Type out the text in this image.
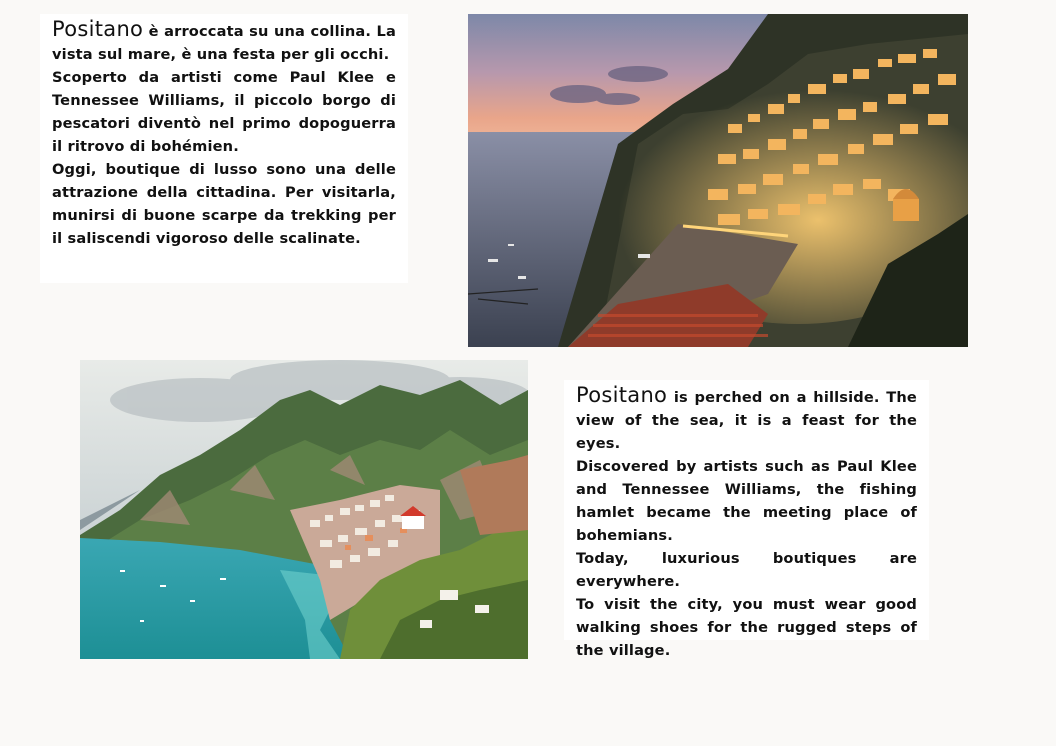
Positano è arroccata su una collina. La vista sul mare, è una festa per gli occhi.

Scoperto da artisti come Paul Klee e Tennessee Williams, il piccolo borgo di pescatori diventò nel primo dopoguerra il ritrovo di bohémien.

Oggi, boutique di lusso sono una delle attrazione della cittadina. Per visitarla, munirsi di buone scarpe da trekking per il saliscendi vigoroso delle scalinate.

Positano is perched on a hillside. The view of the sea, it is a feast for the eyes.

Discovered by artists such as Paul Klee and Tennessee Williams, the fishing hamlet became the meeting place of bohemians.

Today, luxurious boutiques are everywhere.

To visit the city, you must wear good walking shoes for the rugged steps of the village.
